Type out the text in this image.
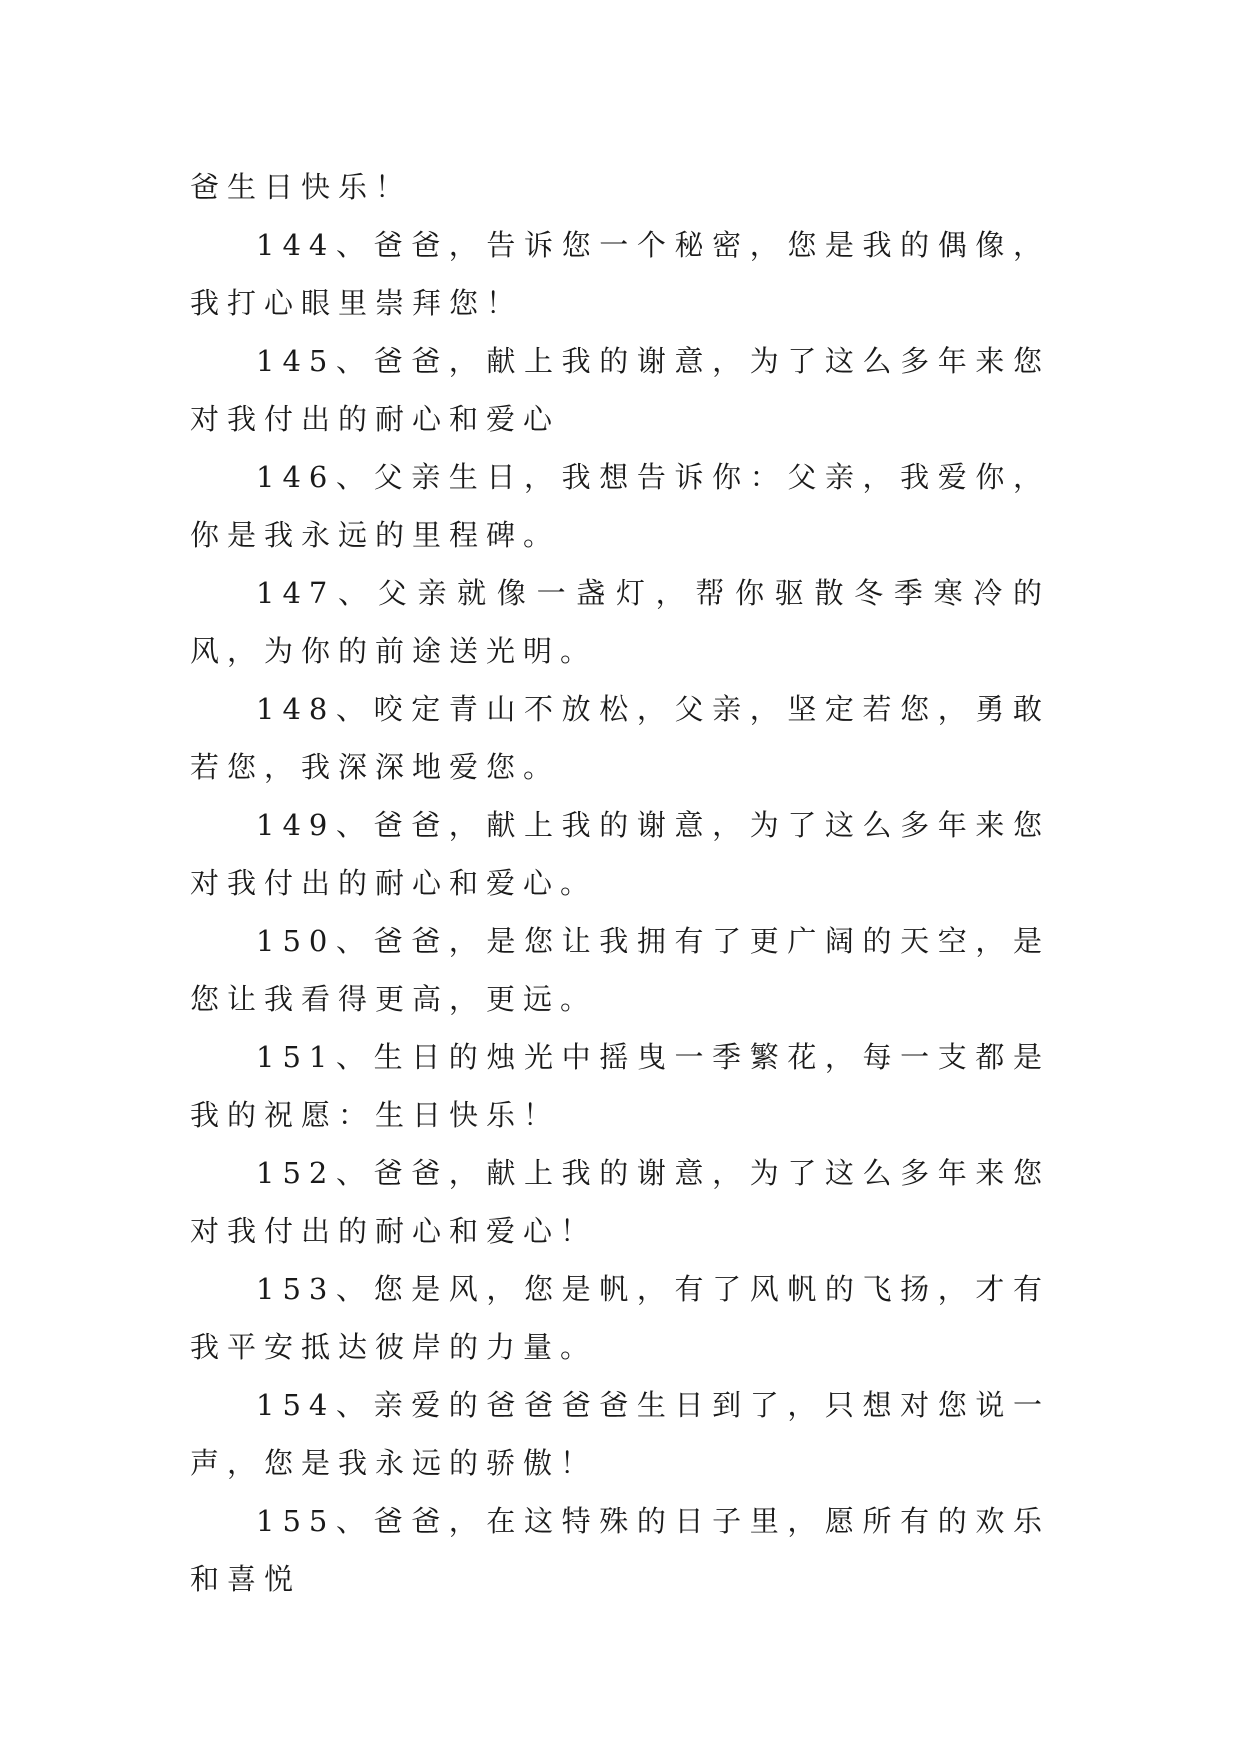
爸生日快乐！

144、爸爸，告诉您一个秘密，您是我的偶像，我打心眼里崇拜您！

145、爸爸，献上我的谢意，为了这么多年来您对我付出的耐心和爱心

146、父亲生日，我想告诉你：父亲，我爱你，你是我永远的里程碑。

147、父亲就像一盏灯，帮你驱散冬季寒冷的风，为你的前途送光明。

148、咬定青山不放松，父亲，坚定若您，勇敢若您，我深深地爱您。

149、爸爸，献上我的谢意，为了这么多年来您对我付出的耐心和爱心。

150、爸爸，是您让我拥有了更广阔的天空，是您让我看得更高，更远。

151、生日的烛光中摇曳一季繁花，每一支都是我的祝愿：生日快乐！

152、爸爸，献上我的谢意，为了这么多年来您对我付出的耐心和爱心！

153、您是风，您是帆，有了风帆的飞扬，才有我平安抵达彼岸的力量。

154、亲爱的爸爸爸爸生日到了，只想对您说一声，您是我永远的骄傲！

155、爸爸，在这特殊的日子里，愿所有的欢乐和喜悦
